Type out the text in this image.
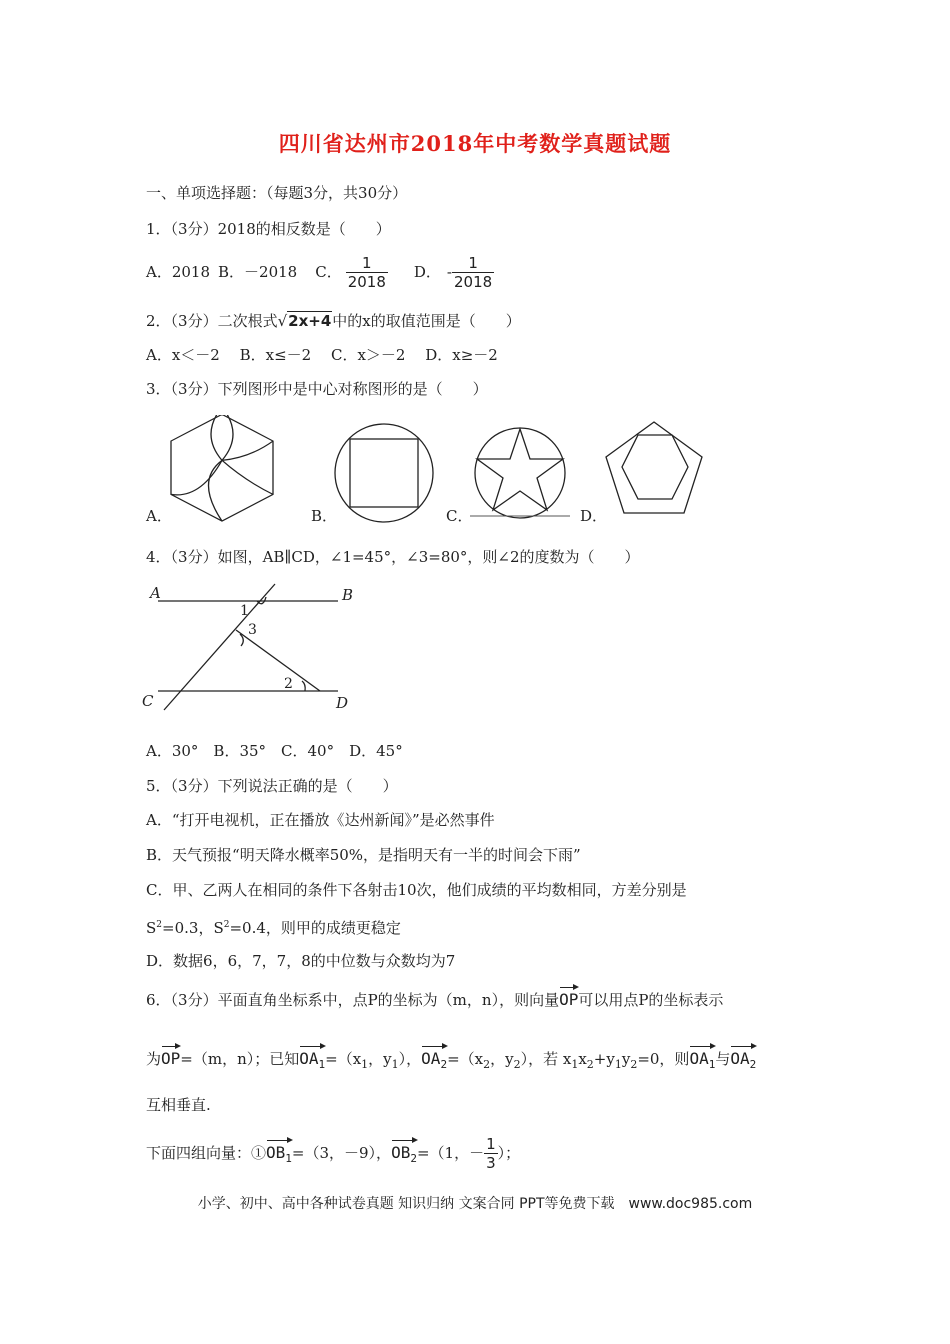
四川省达州市2018年中考数学真题试题
一、单项选择题：（每题3分，共30分）
1．（3分）2018的相反数是（　　）
A．2018 B．－2018 C． $\frac{1}{2018}$ D． - $\frac{1}{2018}$
2．（3分）二次根式√2x+4中的x的取值范围是（　　）
A．x＜－2　 B．x≤－2　 C．x＞－2　 D．x≥－2
3．（3分）下列图形中是中心对称图形的是（　　）
A．	B．	C．	D．
4．（3分）如图，AB∥CD，∠1=45°，∠3=80°，则∠2的度数为（　　）
A	B
C	D
1
3
2
A．30°　B．35°　C．40°　D．45°
5．（3分）下列说法正确的是（　　）
A．“打开电视机，正在播放《达州新闻》”是必然事件
B．天气预报“明天降水概率50%，是指明天有一半的时间会下雨”
C．甲、乙两人在相同的条件下各射击10次，他们成绩的平均数相同，方差分别是
$S^2=0.3$，$S^2=0.4$，则甲的成绩更稳定
D．数据6，6，7，7，8的中位数与众数均为7
6．（3分）平面直角坐标系中，点P的坐标为（m，n），则向量OP可以用点P的坐标表示
为OP=（m，n）；已知$OA_1=(x_1$，$y_1$），$OA_2=(x_2$，$y_2$），若 $x_1x_2+y_1y_2=0$，则$OA_1$与$OA_2$
互相垂直.
下面四组向量：① $OB_1 =(3$，－9）， $OB_2 =(1$， － $\frac{1}{3}$ ）；
小学、初中、高中各种试卷真题 知识归纳 文案合同 PPT等免费下载　www.doc985.com
